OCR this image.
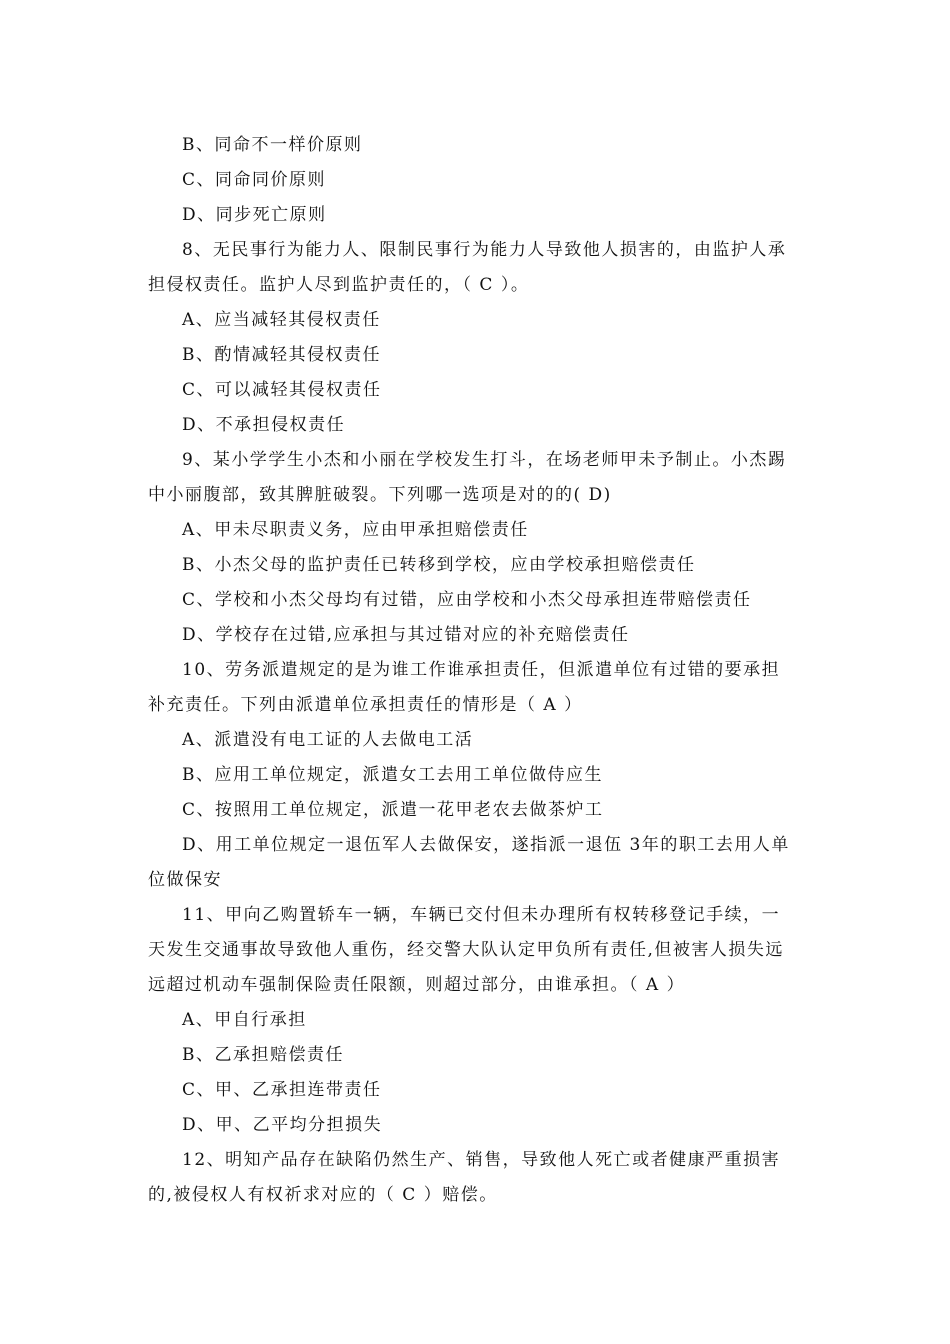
B、同命不一样价原则
C、同命同价原则
D、同步死亡原则
8、无民事行为能力人、限制民事行为能力人导致他人损害的，由监护人承
担侵权责任。监护人尽到监护责任的，（ C ）。
A、应当减轻其侵权责任
B、酌情减轻其侵权责任
C、可以减轻其侵权责任
D、不承担侵权责任
9、某小学学生小杰和小丽在学校发生打斗，在场老师甲未予制止。小杰踢
中小丽腹部，致其脾脏破裂。下列哪一选项是对的的( D)
A、甲未尽职责义务，应由甲承担赔偿责任
B、小杰父母的监护责任已转移到学校，应由学校承担赔偿责任
C、学校和小杰父母均有过错，应由学校和小杰父母承担连带赔偿责任
D、学校存在过错,应承担与其过错对应的补充赔偿责任
10、劳务派遣规定的是为谁工作谁承担责任，但派遣单位有过错的要承担
补充责任。下列由派遣单位承担责任的情形是（ A ）
A、派遣没有电工证的人去做电工活
B、应用工单位规定，派遣女工去用工单位做侍应生
C、按照用工单位规定，派遣一花甲老农去做茶炉工
D、用工单位规定一退伍军人去做保安，遂指派一退伍 3年的职工去用人单
位做保安
11、甲向乙购置轿车一辆，车辆已交付但未办理所有权转移登记手续，一
天发生交通事故导致他人重伤，经交警大队认定甲负所有责任,但被害人损失远
远超过机动车强制保险责任限额，则超过部分，由谁承担。（ A ）
A、甲自行承担
B、乙承担赔偿责任
C、甲、乙承担连带责任
D、甲、乙平均分担损失
12、明知产品存在缺陷仍然生产、销售，导致他人死亡或者健康严重损害
的,被侵权人有权祈求对应的（ C ）赔偿。
